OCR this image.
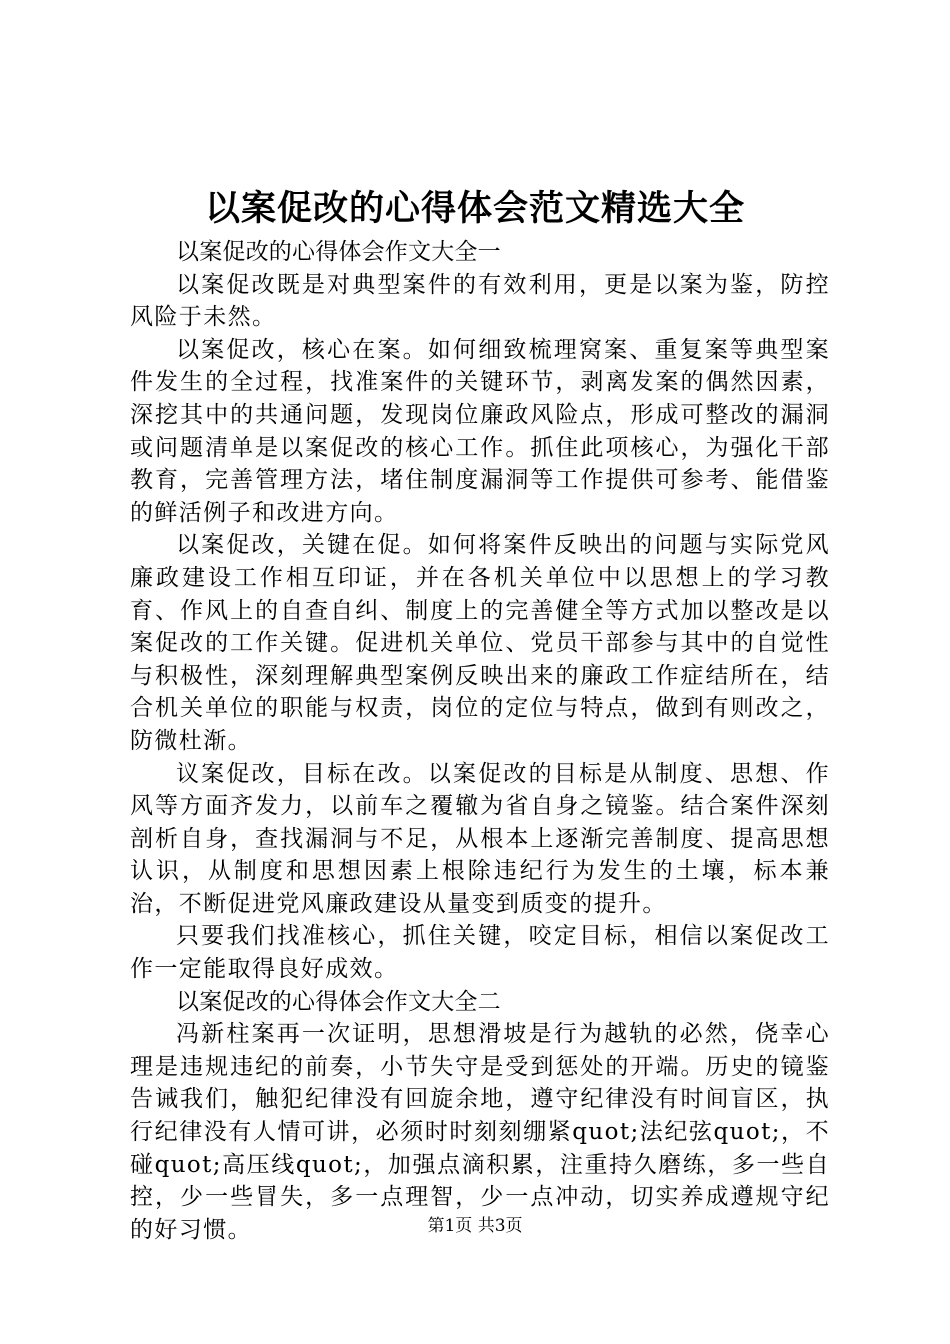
以案促改的心得体会范文精选大全

以案促改的心得体会作文大全一

以案促改既是对典型案件的有效利用，更是以案为鉴，防控风险于未然。

以案促改，核心在案。如何细致梳理窝案、重复案等典型案件发生的全过程，找准案件的关键环节，剥离发案的偶然因素，深挖其中的共通问题，发现岗位廉政风险点，形成可整改的漏洞或问题清单是以案促改的核心工作。抓住此项核心，为强化干部教育，完善管理方法，堵住制度漏洞等工作提供可参考、能借鉴的鲜活例子和改进方向。

以案促改，关键在促。如何将案件反映出的问题与实际党风廉政建设工作相互印证，并在各机关单位中以思想上的学习教育、作风上的自查自纠、制度上的完善健全等方式加以整改是以案促改的工作关键。促进机关单位、党员干部参与其中的自觉性与积极性，深刻理解典型案例反映出来的廉政工作症结所在，结合机关单位的职能与权责，岗位的定位与特点，做到有则改之，防微杜渐。

议案促改，目标在改。以案促改的目标是从制度、思想、作风等方面齐发力，以前车之覆辙为省自身之镜鉴。结合案件深刻剖析自身，查找漏洞与不足，从根本上逐渐完善制度、提高思想认识，从制度和思想因素上根除违纪行为发生的土壤，标本兼治，不断促进党风廉政建设从量变到质变的提升。

只要我们找准核心，抓住关键，咬定目标，相信以案促改工作一定能取得良好成效。

以案促改的心得体会作文大全二

冯新柱案再一次证明，思想滑坡是行为越轨的必然，侥幸心理是违规违纪的前奏，小节失守是受到惩处的开端。历史的镜鉴告诫我们，触犯纪律没有回旋余地，遵守纪律没有时间盲区，执行纪律没有人情可讲，必须时时刻刻绷紧quot;法纪弦quot;，不碰quot;高压线quot;，加强点滴积累，注重持久磨练，多一些自控，少一些冒失，多一点理智，少一点冲动，切实养成遵规守纪的好习惯。	第1页 共3页
